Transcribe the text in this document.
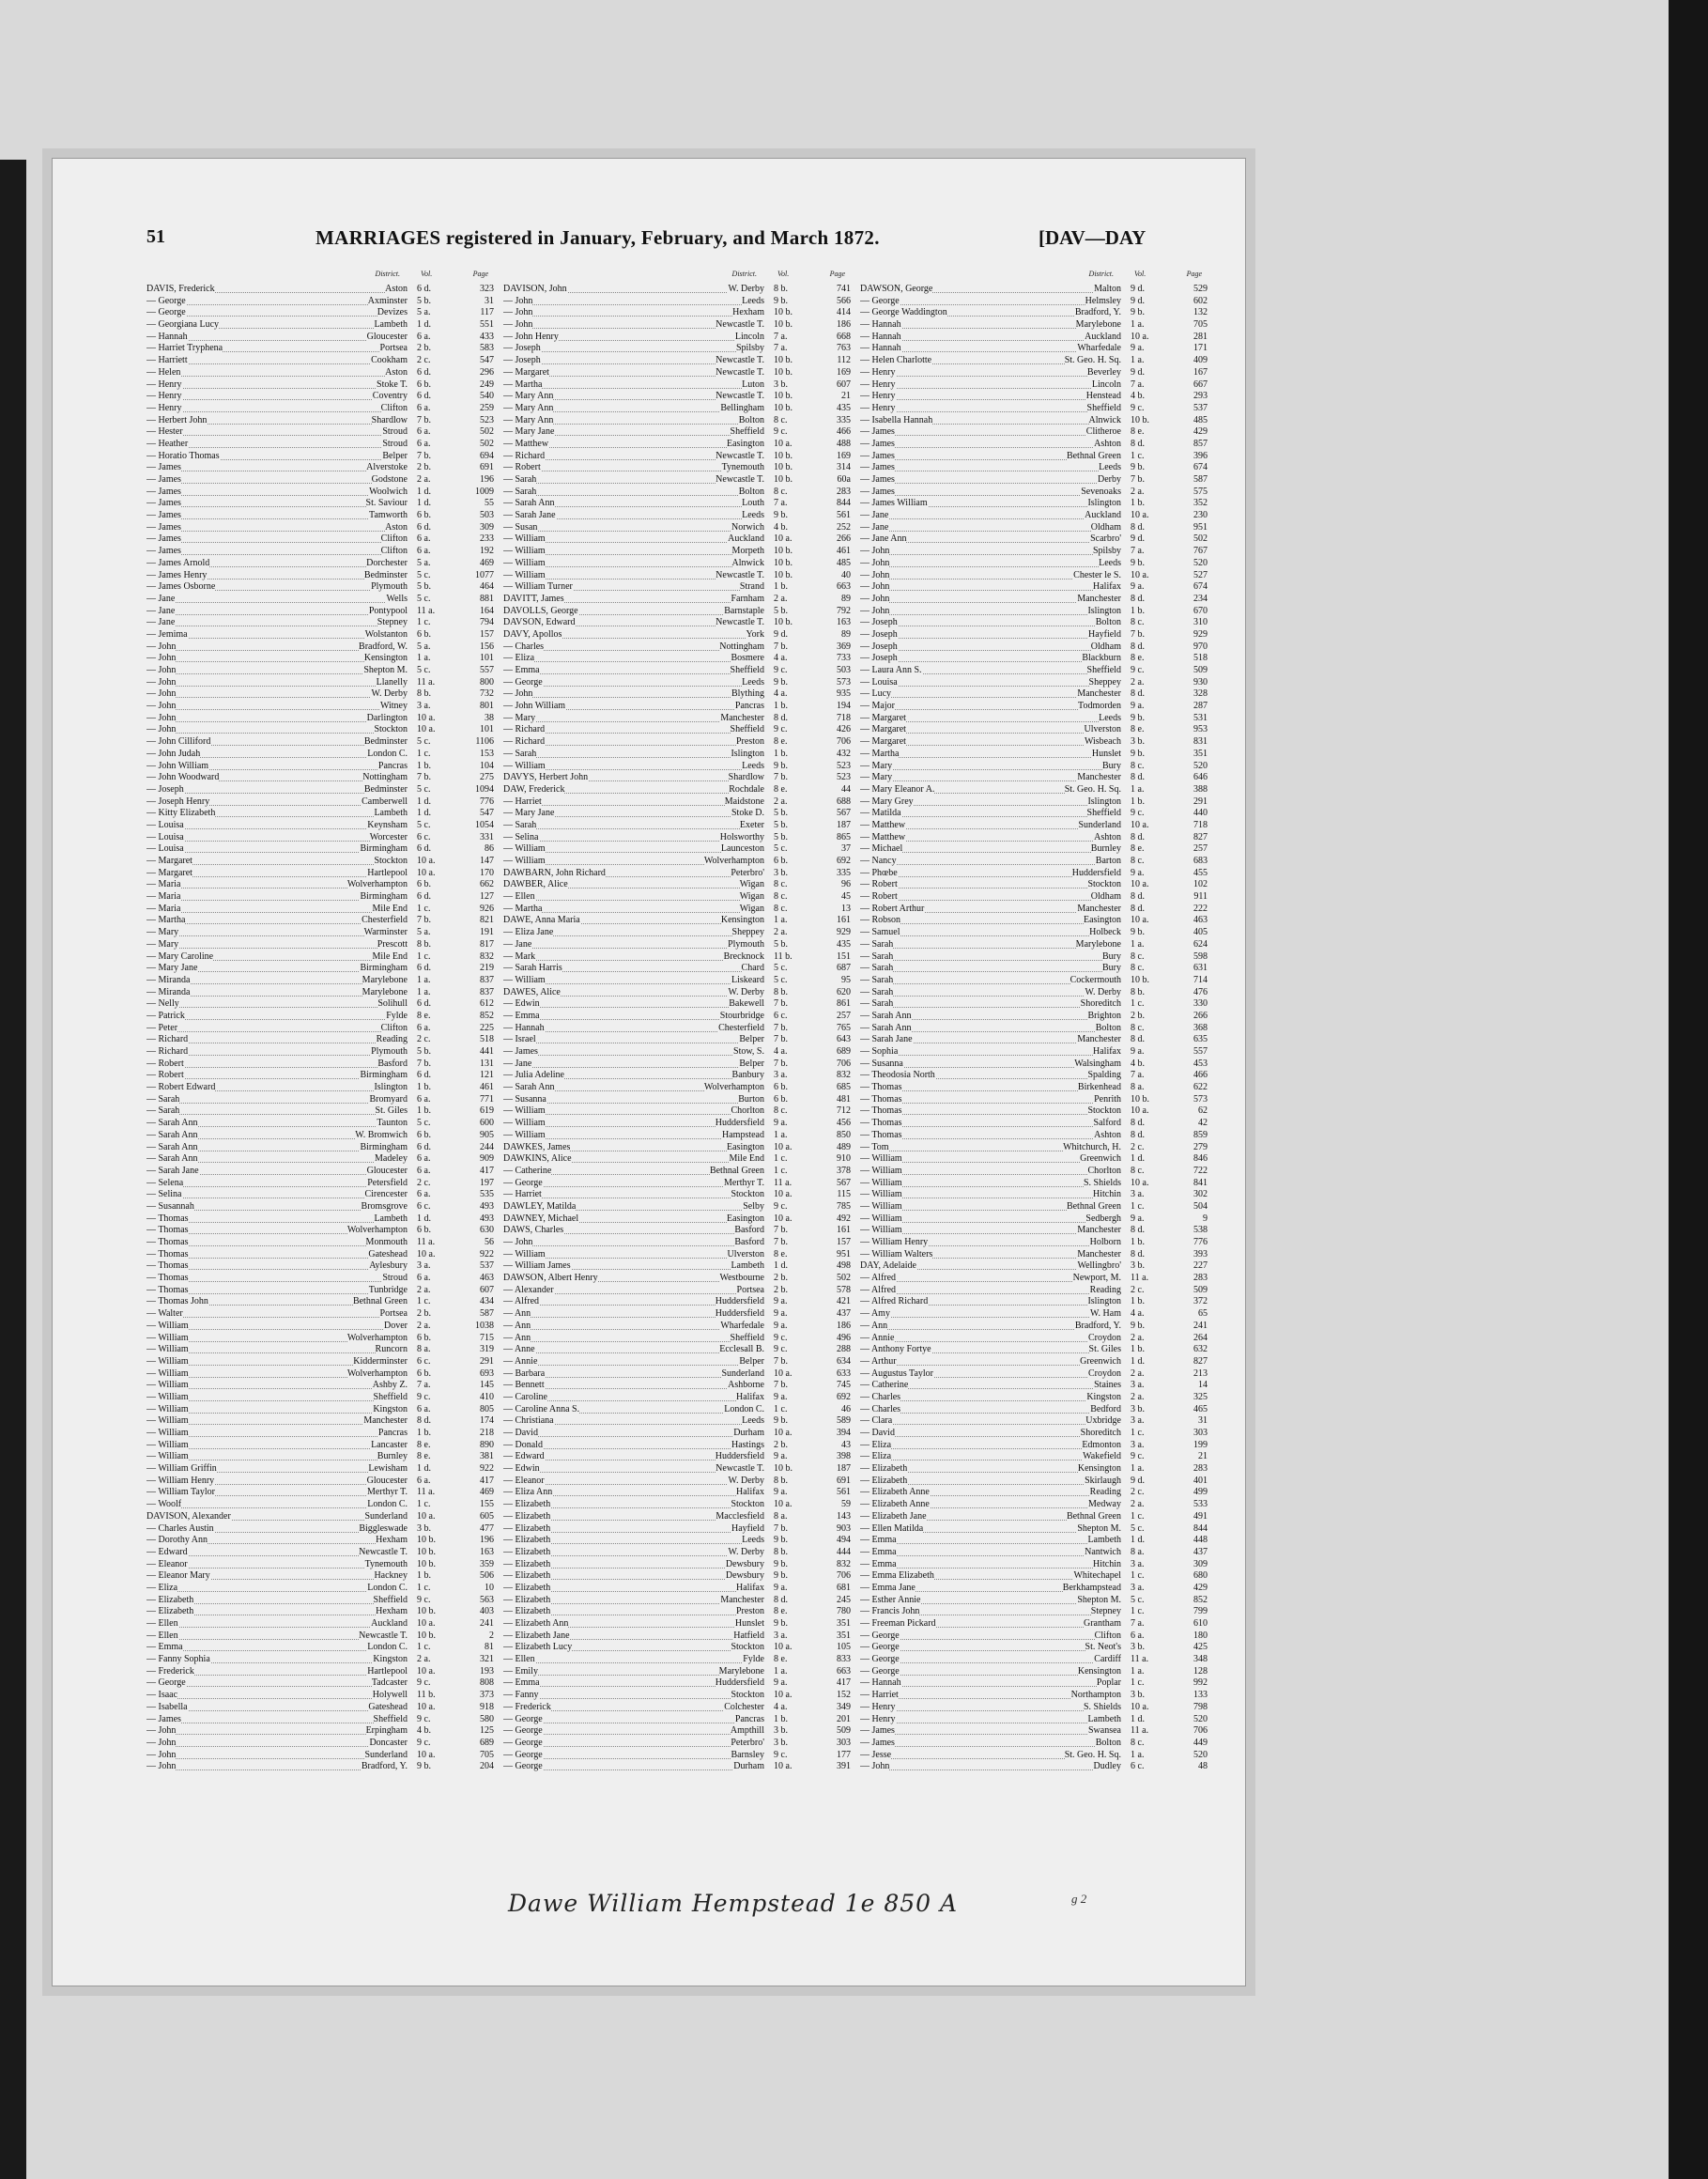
51	MARRIAGES registered in January, February, and March 1872.	[DAV—DAY
District.	Vol.	Page
DAVIS, Frederick	Aston 6 d.	323
— George	Axminster 5 b.	31
— George	Devizes 5 a.	117
— Georgiana Lucy	Lambeth 1 d.	551
— Hannah	Gloucester 6 a.	433
— Harriet Tryphena	Portsea 2 b.	583
— Harriett	Cookham 2 c.	547
— Helen	Aston 6 d.	296
— Henry	Stoke T. 6 b.	249
— Henry	Coventry 6 d.	540
— Henry	Clifton 6 a.	259
— Herbert John	Shardlow 7 b.	523
— Hester	Stroud 6 a.	502
— Heather	Stroud 6 a.	502
— Horatio Thomas	Belper 7 b.	694
— James	Alverstoke 2 b.	691
— James	Godstone 2 a.	196
— James	Woolwich 1 d.	1009
— James	St. Saviour 1 d.	55
— James	Tamworth 6 b.	503
— James	Aston 6 d.	309
— James	Clifton 6 a.	233
— James	Clifton 6 a.	192
— James Arnold	Dorchester 5 a.	469
— James Henry	Bedminster 5 c.	1077
— James Osborne	Plymouth 5 b.	464
— Jane	Wells 5 c.	881
— Jane	Pontypool 11 a.	164
— Jane	Stepney 1 c.	794
— Jemima	Wolstanton 6 b.	157
— John	Bradford, W. 5 a.	156
— John	Kensington 1 a.	101
— John	Shepton M. 5 c.	557
— John	Llanelly 11 a.	800
— John	W. Derby 8 b.	732
— John	Witney 3 a.	801
— John	Darlington 10 a.	38
— John	Stockton 10 a.	101
— John Cilliford	Bedminster 5 c.	1106
— John Judah	London C. 1 c.	153
— John William	Pancras 1 b.	104
— John Woodward	Nottingham 7 b.	275
— Joseph	Bedminster 5 c.	1094
— Joseph Henry	Camberwell 1 d.	776
— Kitty Elizabeth	Lambeth 1 d.	547
— Louisa	Keynsham 5 c.	1054
— Louisa	Worcester 6 c.	331
— Louisa	Birmingham 6 d.	86
— Margaret	Stockton 10 a.	147
— Margaret	Hartlepool 10 a.	170
— Maria	Wolverhampton 6 b.	662
— Maria	Birmingham 6 d.	127
— Maria	Mile End 1 c.	926
— Martha	Chesterfield 7 b.	821
— Mary	Warminster 5 a.	191
— Mary	Prescott 8 b.	817
— Mary Caroline	Mile End 1 c.	832
— Mary Jane	Birmingham 6 d.	219
— Miranda	Marylebone 1 a.	837
— Miranda	Marylebone 1 a.	837
— Nelly	Solihull 6 d.	612
— Patrick	Fylde 8 e.	852
— Peter	Clifton 6 a.	225
— Richard	Reading 2 c.	518
— Richard	Plymouth 5 b.	441
— Robert	Basford 7 b.	131
— Robert	Birmingham 6 d.	121
— Robert Edward	Islington 1 b.	461
— Sarah	Bromyard 6 a.	771
— Sarah	St. Giles 1 b.	619
— Sarah Ann	Taunton 5 c.	600
— Sarah Ann	W. Bromwich 6 b.	905
— Sarah Ann	Birmingham 6 d.	244
— Sarah Ann	Madeley 6 a.	909
— Sarah Jane	Gloucester 6 a.	417
— Selena	Petersfield 2 c.	197
— Selina	Cirencester 6 a.	535
— Susannah	Bromsgrove 6 c.	493
— Thomas	Lambeth 1 d.	493
— Thomas	Wolverhampton 6 b.	630
— Thomas	Monmouth 11 a.	56
— Thomas	Gateshead 10 a.	922
— Thomas	Aylesbury 3 a.	537
— Thomas	Stroud 6 a.	463
— Thomas	Tunbridge 2 a.	607
— Thomas John	Bethnal Green 1 c.	434
— Walter	Portsea 2 b.	587
— William	Dover 2 a.	1038
— William	Wolverhampton 6 b.	715
— William	Runcorn 8 a.	319
— William	Kidderminster 6 c.	291
— William	Wolverhampton 6 b.	693
— William	Ashby Z. 7 a.	145
— William	Sheffield 9 c.	410
— William	Kingston 6 a.	805
— William	Manchester 8 d.	174
— William	Pancras 1 b.	218
— William	Lancaster 8 e.	890
— William	Burnley 8 e.	381
— William Griffin	Lewisham 1 d.	922
— William Henry	Gloucester 6 a.	417
— William Taylor	Merthyr T. 11 a.	469
— Woolf	London C. 1 c.	155
DAVISON, Alexander	Sunderland 10 a.	605
— Charles Austin	Biggleswade 3 b.	477
— Dorothy Ann	Hexham 10 b.	196
— Edward	Newcastle T. 10 b.	163
— Eleanor	Tynemouth 10 b.	359
— Eleanor Mary	Hackney 1 b.	506
— Eliza	London C. 1 c.	10
— Elizabeth	Sheffield 9 c.	563
— Elizabeth	Hexham 10 b.	403
— Ellen	Auckland 10 a.	241
— Ellen	Newcastle T. 10 b.	2
— Emma	London C. 1 c.	81
— Fanny Sophia	Kingston 2 a.	321
— Frederick	Hartlepool 10 a.	193
— George	Tadcaster 9 c.	808
— Isaac	Holywell 11 b.	373
— Isabella	Gateshead 10 a.	918
— James	Sheffield 9 c.	580
— John	Erpingham 4 b.	125
— John	Doncaster 9 c.	689
— John	Sunderland 10 a.	705
— John	Bradford, Y. 9 b.	204
District.	Vol.	Page
DAVISON, John	W. Derby 8 b.	741
— John	Leeds 9 b.	566
— John	Hexham 10 b.	414
— John	Newcastle T. 10 b.	186
— John Henry	Lincoln 7 a.	668
— Joseph	Spilsby 7 a.	763
— Joseph	Newcastle T. 10 b.	112
— Margaret	Newcastle T. 10 b.	169
— Martha	Luton 3 b.	607
— Mary Ann	Newcastle T. 10 b.	21
— Mary Ann	Bellingham 10 b.	435
— Mary Ann	Bolton 8 c.	335
— Mary Jane	Sheffield 9 c.	466
— Matthew	Easington 10 a.	488
— Richard	Newcastle T. 10 b.	169
— Robert	Tynemouth 10 b.	314
— Sarah	Newcastle T. 10 b.	60a
— Sarah	Bolton 8 c.	283
— Sarah Ann	Louth 7 a.	844
— Sarah Jane	Leeds 9 b.	561
— Susan	Norwich 4 b.	252
— William	Auckland 10 a.	266
— William	Morpeth 10 b.	461
— William	Alnwick 10 b.	485
— William	Newcastle T. 10 b.	40
— William Turner	Strand 1 b.	663
DAVITT, James	Farnham 2 a.	89
DAVOLLS, George	Barnstaple 5 b.	792
DAVSON, Edward	Newcastle T. 10 b.	163
DAVY, Apollos	York 9 d.	89
— Charles	Nottingham 7 b.	369
— Eliza	Bosmere 4 a.	733
— Emma	Sheffield 9 c.	503
— George	Leeds 9 b.	573
— John	Blything 4 a.	935
— John William	Pancras 1 b.	194
— Mary	Manchester 8 d.	718
— Richard	Sheffield 9 c.	426
— Richard	Preston 8 e.	706
— Sarah	Islington 1 b.	432
— William	Leeds 9 b.	523
DAVYS, Herbert John	Shardlow 7 b.	523
DAW, Frederick	Rochdale 8 e.	44
— Harriet	Maidstone 2 a.	688
— Mary Jane	Stoke D. 5 b.	567
— Sarah	Exeter 5 b.	187
— Selina	Holsworthy 5 b.	865
— William	Launceston 5 c.	37
— William	Wolverhampton 6 b.	692
DAWBARN, John Richard	Peterbro' 3 b.	335
DAWBER, Alice	Wigan 8 c.	96
— Ellen	Wigan 8 c.	45
— Martha	Wigan 8 c.	13
DAWE, Anna Maria	Kensington 1 a.	161
— Eliza Jane	Sheppey 2 a.	929
— Jane	Plymouth 5 b.	435
— Mark	Brecknock 11 b.	151
— Sarah Harris	Chard 5 c.	687
— William	Liskeard 5 c.	95
DAWES, Alice	W. Derby 8 b.	620
— Edwin	Bakewell 7 b.	861
— Emma	Stourbridge 6 c.	257
— Hannah	Chesterfield 7 b.	765
— Israel	Belper 7 b.	643
— James	Stow, S. 4 a.	689
— Jane	Belper 7 b.	706
— Julia Adeline	Banbury 3 a.	832
— Sarah Ann	Wolverhampton 6 b.	685
— Susanna	Burton 6 b.	481
— William	Chorlton 8 c.	712
— William	Huddersfield 9 a.	456
— William	Hampstead 1 a.	850
DAWKES, James	Easington 10 a.	489
DAWKINS, Alice	Mile End 1 c.	910
— Catherine	Bethnal Green 1 c.	378
— George	Merthyr T. 11 a.	567
— Harriet	Stockton 10 a.	115
DAWLEY, Matilda	Selby 9 c.	785
DAWNEY, Michael	Easington 10 a.	492
DAWS, Charles	Basford 7 b.	161
— John	Basford 7 b.	157
— William	Ulverston 8 e.	951
— William James	Lambeth 1 d.	498
DAWSON, Albert Henry	Westbourne 2 b.	502
— Alexander	Portsea 2 b.	578
— Alfred	Huddersfield 9 a.	421
— Ann	Huddersfield 9 a.	437
— Ann	Wharfedale 9 a.	186
— Ann	Sheffield 9 c.	496
— Anne	Ecclesall B. 9 c.	288
— Annie	Belper 7 b.	634
— Barbara	Sunderland 10 a.	633
— Bennett	Ashborne 7 b.	745
— Caroline	Halifax 9 a.	692
— Caroline Anna S.	London C. 1 c.	46
— Christiana	Leeds 9 b.	589
— David	Durham 10 a.	394
— Donald	Hastings 2 b.	43
— Edward	Huddersfield 9 a.	398
— Edwin	Newcastle T. 10 b.	187
— Eleanor	W. Derby 8 b.	691
— Eliza Ann	Halifax 9 a.	561
— Elizabeth	Stockton 10 a.	59
— Elizabeth	Macclesfield 8 a.	143
— Elizabeth	Hayfield 7 b.	903
— Elizabeth	Leeds 9 b.	494
— Elizabeth	W. Derby 8 b.	444
— Elizabeth	Dewsbury 9 b.	832
— Elizabeth	Dewsbury 9 b.	706
— Elizabeth	Halifax 9 a.	681
— Elizabeth	Manchester 8 d.	245
— Elizabeth	Preston 8 e.	780
— Elizabeth Ann	Hunslet 9 b.	351
— Elizabeth Jane	Hatfield 3 a.	351
— Elizabeth Lucy	Stockton 10 a.	105
— Ellen	Fylde 8 e.	833
— Emily	Marylebone 1 a.	663
— Emma	Huddersfield 9 a.	417
— Fanny	Stockton 10 a.	152
— Frederick	Colchester 4 a.	349
— George	Pancras 1 b.	201
— George	Ampthill 3 b.	509
— George	Peterbro' 3 b.	303
— George	Barnsley 9 c.	177
— George	Durham 10 a.	391
District.	Vol.	Page
DAWSON, George	Malton 9 d.	529
— George	Helmsley 9 d.	602
— George Waddington	Bradford, Y. 9 b.	132
— Hannah	Marylebone 1 a.	705
— Hannah	Auckland 10 a.	281
— Hannah	Wharfedale 9 a.	171
— Helen Charlotte	St. Geo. H. Sq. 1 a.	409
— Henry	Beverley 9 d.	167
— Henry	Lincoln 7 a.	667
— Henry	Henstead 4 b.	293
— Henry	Sheffield 9 c.	537
— Isabella Hannah	Alnwick 10 b.	485
— James	Clitheroe 8 e.	429
— James	Ashton 8 d.	857
— James	Bethnal Green 1 c.	396
— James	Leeds 9 b.	674
— James	Derby 7 b.	587
— James	Sevenoaks 2 a.	575
— James William	Islington 1 b.	352
— Jane	Auckland 10 a.	230
— Jane	Oldham 8 d.	951
— Jane Ann	Scarbro' 9 d.	502
— John	Spilsby 7 a.	767
— John	Leeds 9 b.	520
— John	Chester le S. 10 a.	527
— John	Halifax 9 a.	674
— John	Manchester 8 d.	234
— John	Islington 1 b.	670
— Joseph	Bolton 8 c.	310
— Joseph	Hayfield 7 b.	929
— Joseph	Oldham 8 d.	970
— Joseph	Blackburn 8 e.	518
— Laura Ann S.	Sheffield 9 c.	509
— Louisa	Sheppey 2 a.	930
— Lucy	Manchester 8 d.	328
— Major	Todmorden 9 a.	287
— Margaret	Leeds 9 b.	531
— Margaret	Ulverston 8 e.	953
— Margaret	Wisbeach 3 b.	831
— Martha	Hunslet 9 b.	351
— Mary	Bury 8 c.	520
— Mary	Manchester 8 d.	646
— Mary Eleanor A.	St. Geo. H. Sq. 1 a.	388
— Mary Grey	Islington 1 b.	291
— Matilda	Sheffield 9 c.	440
— Matthew	Sunderland 10 a.	718
— Matthew	Ashton 8 d.	827
— Michael	Burnley 8 e.	257
— Nancy	Barton 8 c.	683
— Phœbe	Huddersfield 9 a.	455
— Robert	Stockton 10 a.	102
— Robert	Oldham 8 d.	911
— Robert Arthur	Manchester 8 d.	222
— Robson	Easington 10 a.	463
— Samuel	Holbeck 9 b.	405
— Sarah	Marylebone 1 a.	624
— Sarah	Bury 8 c.	598
— Sarah	Bury 8 c.	631
— Sarah	Cockermouth 10 b.	714
— Sarah	W. Derby 8 b.	476
— Sarah	Shoreditch 1 c.	330
— Sarah Ann	Brighton 2 b.	266
— Sarah Ann	Bolton 8 c.	368
— Sarah Jane	Manchester 8 d.	635
— Sophia	Halifax 9 a.	557
— Susanna	Walsingham 4 b.	453
— Theodosia North	Spalding 7 a.	466
— Thomas	Birkenhead 8 a.	622
— Thomas	Penrith 10 b.	573
— Thomas	Stockton 10 a.	62
— Thomas	Salford 8 d.	42
— Thomas	Ashton 8 d.	859
— Tom	Whitchurch, H. 2 c.	279
— William	Greenwich 1 d.	846
— William	Chorlton 8 c.	722
— William	S. Shields 10 a.	841
— William	Hitchin 3 a.	302
— William	Bethnal Green 1 c.	504
— William	Sedbergh 9 a.	9
— William	Manchester 8 d.	538
— William Henry	Holborn 1 b.	776
— William Walters	Manchester 8 d.	393
DAY, Adelaide	Wellingbro' 3 b.	227
— Alfred	Newport, M. 11 a.	283
— Alfred	Reading 2 c.	509
— Alfred Richard	Islington 1 b.	372
— Amy	W. Ham 4 a.	65
— Ann	Bradford, Y. 9 b.	241
— Annie	Croydon 2 a.	264
— Anthony Fortye	St. Giles 1 b.	632
— Arthur	Greenwich 1 d.	827
— Augustus Taylor	Croydon 2 a.	213
— Catherine	Staines 3 a.	14
— Charles	Kingston 2 a.	325
— Charles	Bedford 3 b.	465
— Clara	Uxbridge 3 a.	31
— David	Shoreditch 1 c.	303
— Eliza	Edmonton 3 a.	199
— Eliza	Wakefield 9 c.	21
— Elizabeth	Kensington 1 a.	283
— Elizabeth	Skirlaugh 9 d.	401
— Elizabeth Anne	Reading 2 c.	499
— Elizabeth Anne	Medway 2 a.	533
— Elizabeth Jane	Bethnal Green 1 c.	491
— Ellen Matilda	Shepton M. 5 c.	844
— Emma	Lambeth 1 d.	448
— Emma	Nantwich 8 a.	437
— Emma	Hitchin 3 a.	309
— Emma Elizabeth	Whitechapel 1 c.	680
— Emma Jane	Berkhampstead 3 a.	429
— Esther Annie	Shepton M. 5 c.	852
— Francis John	Stepney 1 c.	799
— Freeman Pickard	Grantham 7 a.	610
— George	Clifton 6 a.	180
— George	St. Neot's 3 b.	425
— George	Cardiff 11 a.	348
— George	Kensington 1 a.	128
— Hannah	Poplar 1 c.	992
— Harriet	Northampton 3 b.	133
— Henry	S. Shields 10 a.	798
— Henry	Lambeth 1 d.	520
— James	Swansea 11 a.	706
— James	Bolton 8 c.	449
— Jesse	St. Geo. H. Sq. 1 a.	520
— John	Dudley 6 c.	48
Dawe William Hempstead 1e 850 A	g 2
